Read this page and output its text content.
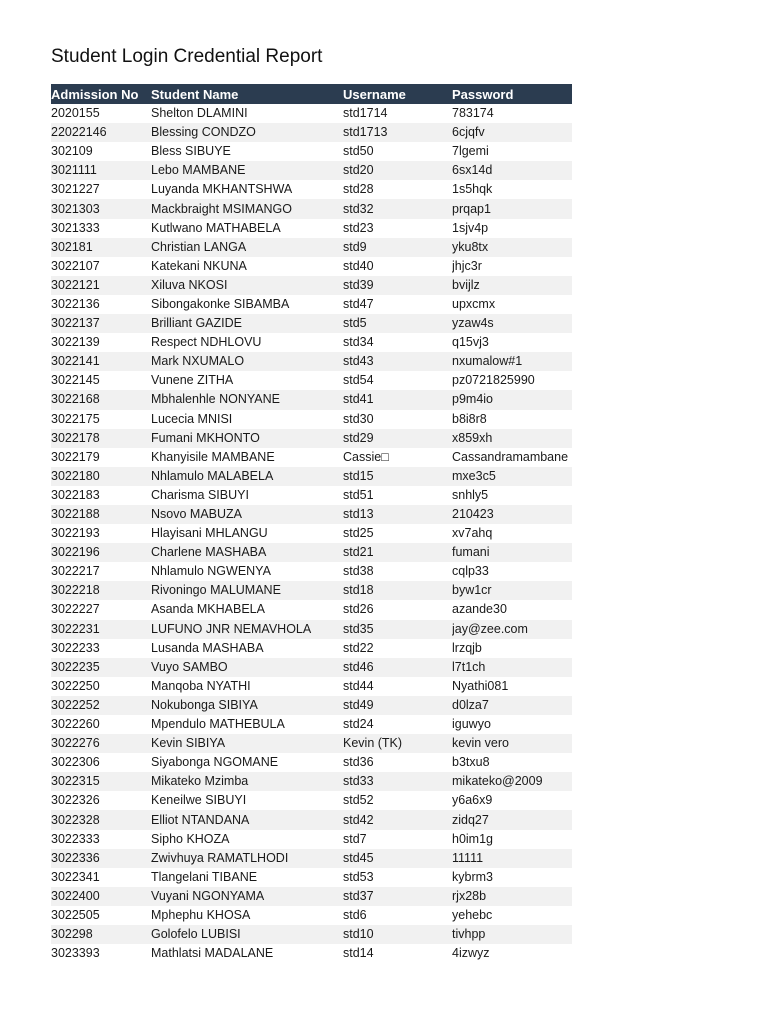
Student Login Credential Report
Admission No	Student Name	Username	Password
2020155	Shelton DLAMINI	std1714	783174
22022146	Blessing CONDZO	std1713	6cjqfv
302109	Bless SIBUYE	std50	7lgemi
3021111	Lebo MAMBANE	std20	6sx14d
3021227	Luyanda MKHANTSHWA	std28	1s5hqk
3021303	Mackbraight MSIMANGO	std32	prqap1
3021333	Kutlwano MATHABELA	std23	1sjv4p
302181	Christian LANGA	std9	yku8tx
3022107	Katekani NKUNA	std40	jhjc3r
3022121	Xiluva NKOSI	std39	bvijlz
3022136	Sibongakonke SIBAMBA	std47	upxcmx
3022137	Brilliant GAZIDE	std5	yzaw4s
3022139	Respect NDHLOVU	std34	q15vj3
3022141	Mark NXUMALO	std43	nxumalow#1
3022145	Vunene ZITHA	std54	pz0721825990
3022168	Mbhalenhle NONYANE	std41	p9m4io
3022175	Lucecia MNISI	std30	b8i8r8
3022178	Fumani MKHONTO	std29	x859xh
3022179	Khanyisile MAMBANE	Cassie□	Cassandramambane
3022180	Nhlamulo MALABELA	std15	mxe3c5
3022183	Charisma SIBUYI	std51	snhly5
3022188	Nsovo MABUZA	std13	210423
3022193	Hlayisani MHLANGU	std25	xv7ahq
3022196	Charlene MASHABA	std21	fumani
3022217	Nhlamulo NGWENYA	std38	cqlp33
3022218	Rivoningo MALUMANE	std18	byw1cr
3022227	Asanda MKHABELA	std26	azande30
3022231	LUFUNO JNR NEMAVHOLA	std35	jay@zee.com
3022233	Lusanda MASHABA	std22	lrzqjb
3022235	Vuyo SAMBO	std46	l7t1ch
3022250	Manqoba NYATHI	std44	Nyathi081
3022252	Nokubonga SIBIYA	std49	d0lza7
3022260	Mpendulo MATHEBULA	std24	iguwyo
3022276	Kevin SIBIYA	Kevin (TK)	kevin vero
3022306	Siyabonga NGOMANE	std36	b3txu8
3022315	Mikateko Mzimba	std33	mikateko@2009
3022326	Keneilwe SIBUYI	std52	y6a6x9
3022328	Elliot NTANDANA	std42	zidq27
3022333	Sipho KHOZA	std7	h0im1g
3022336	Zwivhuya RAMATLHODI	std45	11111
3022341	Tlangelani TIBANE	std53	kybrm3
3022400	Vuyani NGONYAMA	std37	rjx28b
3022505	Mphephu KHOSA	std6	yehebc
302298	Golofelo LUBISI	std10	tivhpp
3023393	Mathlatsi MADALANE	std14	4izwyz
